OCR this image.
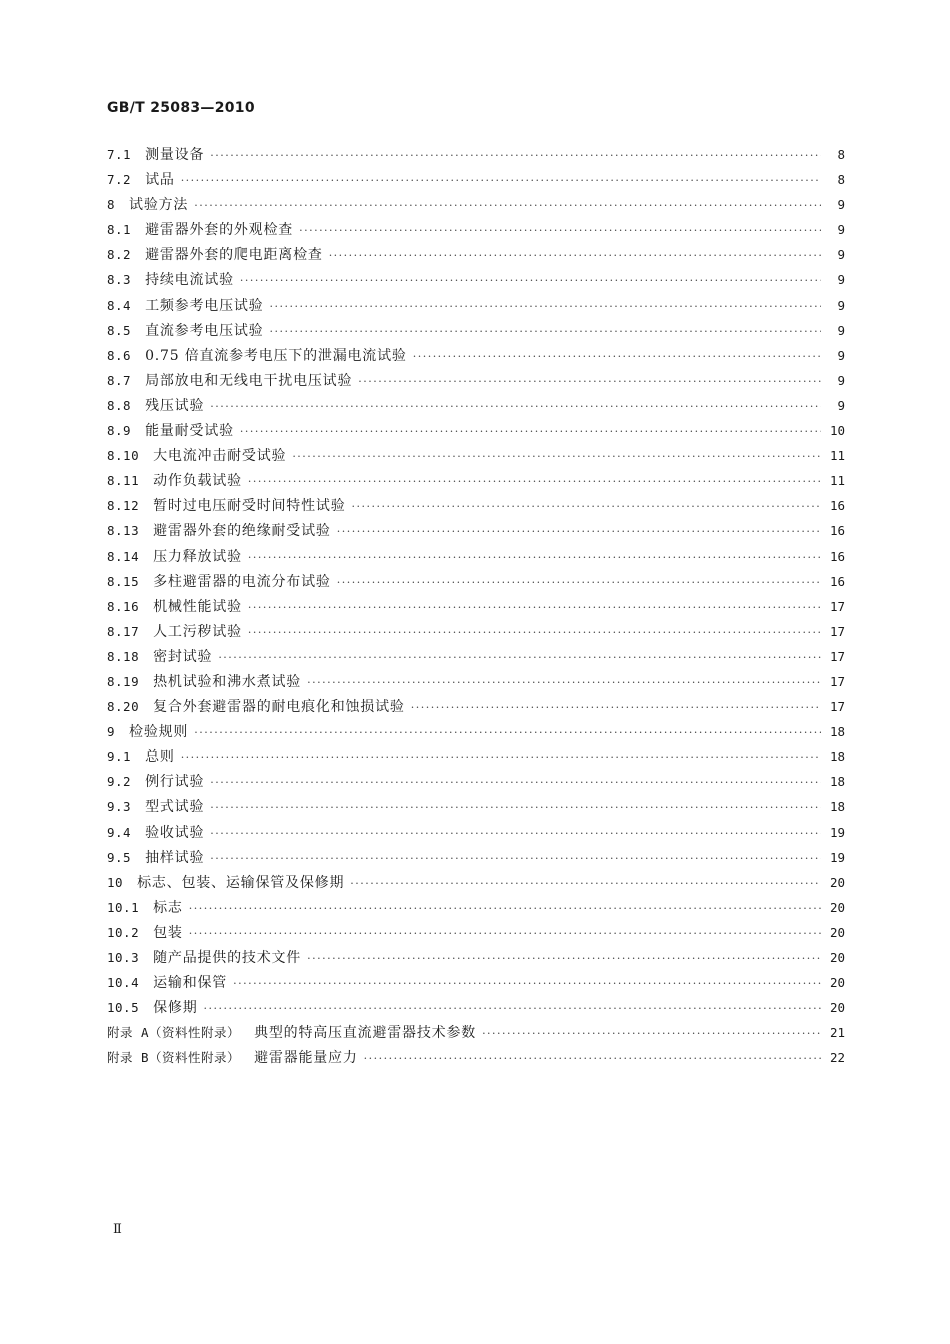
GB/T 25083—2010
7.1 测量设备 ·····	8
7.2 试品 ·····	8
8 试验方法 ·····	9
8.1 避雷器外套的外观检查 ·····	9
8.2 避雷器外套的爬电距离检查 ·····	9
8.3 持续电流试验 ·····	9
8.4 工频参考电压试验 ·····	9
8.5 直流参考电压试验 ·····	9
8.6 0.75 倍直流参考电压下的泄漏电流试验 ·····	9
8.7 局部放电和无线电干扰电压试验 ·····	9
8.8 残压试验 ·····	9
8.9 能量耐受试验 ·····	10
8.10 大电流冲击耐受试验 ·····	11
8.11 动作负载试验 ·····	11
8.12 暂时过电压耐受时间特性试验 ·····	16
8.13 避雷器外套的绝缘耐受试验 ·····	16
8.14 压力释放试验 ·····	16
8.15 多柱避雷器的电流分布试验 ·····	16
8.16 机械性能试验 ·····	17
8.17 人工污秽试验 ·····	17
8.18 密封试验 ·····	17
8.19 热机试验和沸水煮试验 ·····	17
8.20 复合外套避雷器的耐电痕化和蚀损试验 ·····	17
9 检验规则 ·····	18
9.1 总则 ·····	18
9.2 例行试验 ·····	18
9.3 型式试验 ·····	18
9.4 验收试验 ·····	19
9.5 抽样试验 ·····	19
10 标志、包装、运输保管及保修期 ·····	20
10.1 标志 ·····	20
10.2 包装 ·····	20
10.3 随产品提供的技术文件 ·····	20
10.4 运输和保管 ·····	20
10.5 保修期 ·····	20
附录 A（资料性附录） 典型的特高压直流避雷器技术参数 ·····	21
附录 B（资料性附录） 避雷器能量应力 ·····	22
Ⅱ
